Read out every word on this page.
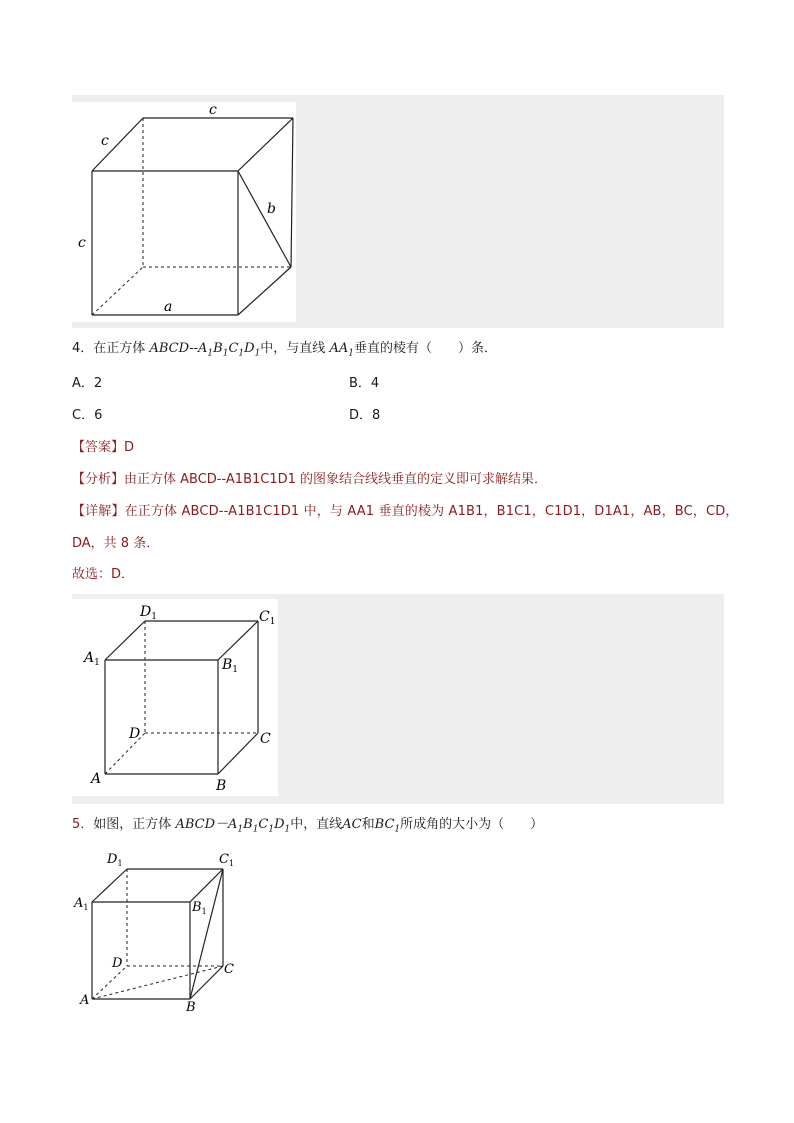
c
c
c
b
a
4．在正方体 ABCD-$-A_1B_1C_1D_1$中，与直线 $AA_1$垂直的棱有（　　）条．
A．2	B．4
C．6	D．8
【答案】D
【分析】由正方体 ABCD--A1B1C1D1 的图象结合线线垂直的定义即可求解结果．
【详解】在正方体 ABCD--A1B1C1D1 中，与 AA1 垂直的棱为 A1B1，B1C1，C1D1，D1A1，AB，BC，CD，
DA，共 8 条．
故选：D．
$D_1$	$C_1$
$A_1$	$B_1$
D	C
A	B
5．如图，正方体 $ABCD-A_1B_1C_1D_1$中，直线AC和$BC_1$所成角的大小为（　　）
$D_1$	$C_1$
$A_1$	$B_1$
D	C
A	B
